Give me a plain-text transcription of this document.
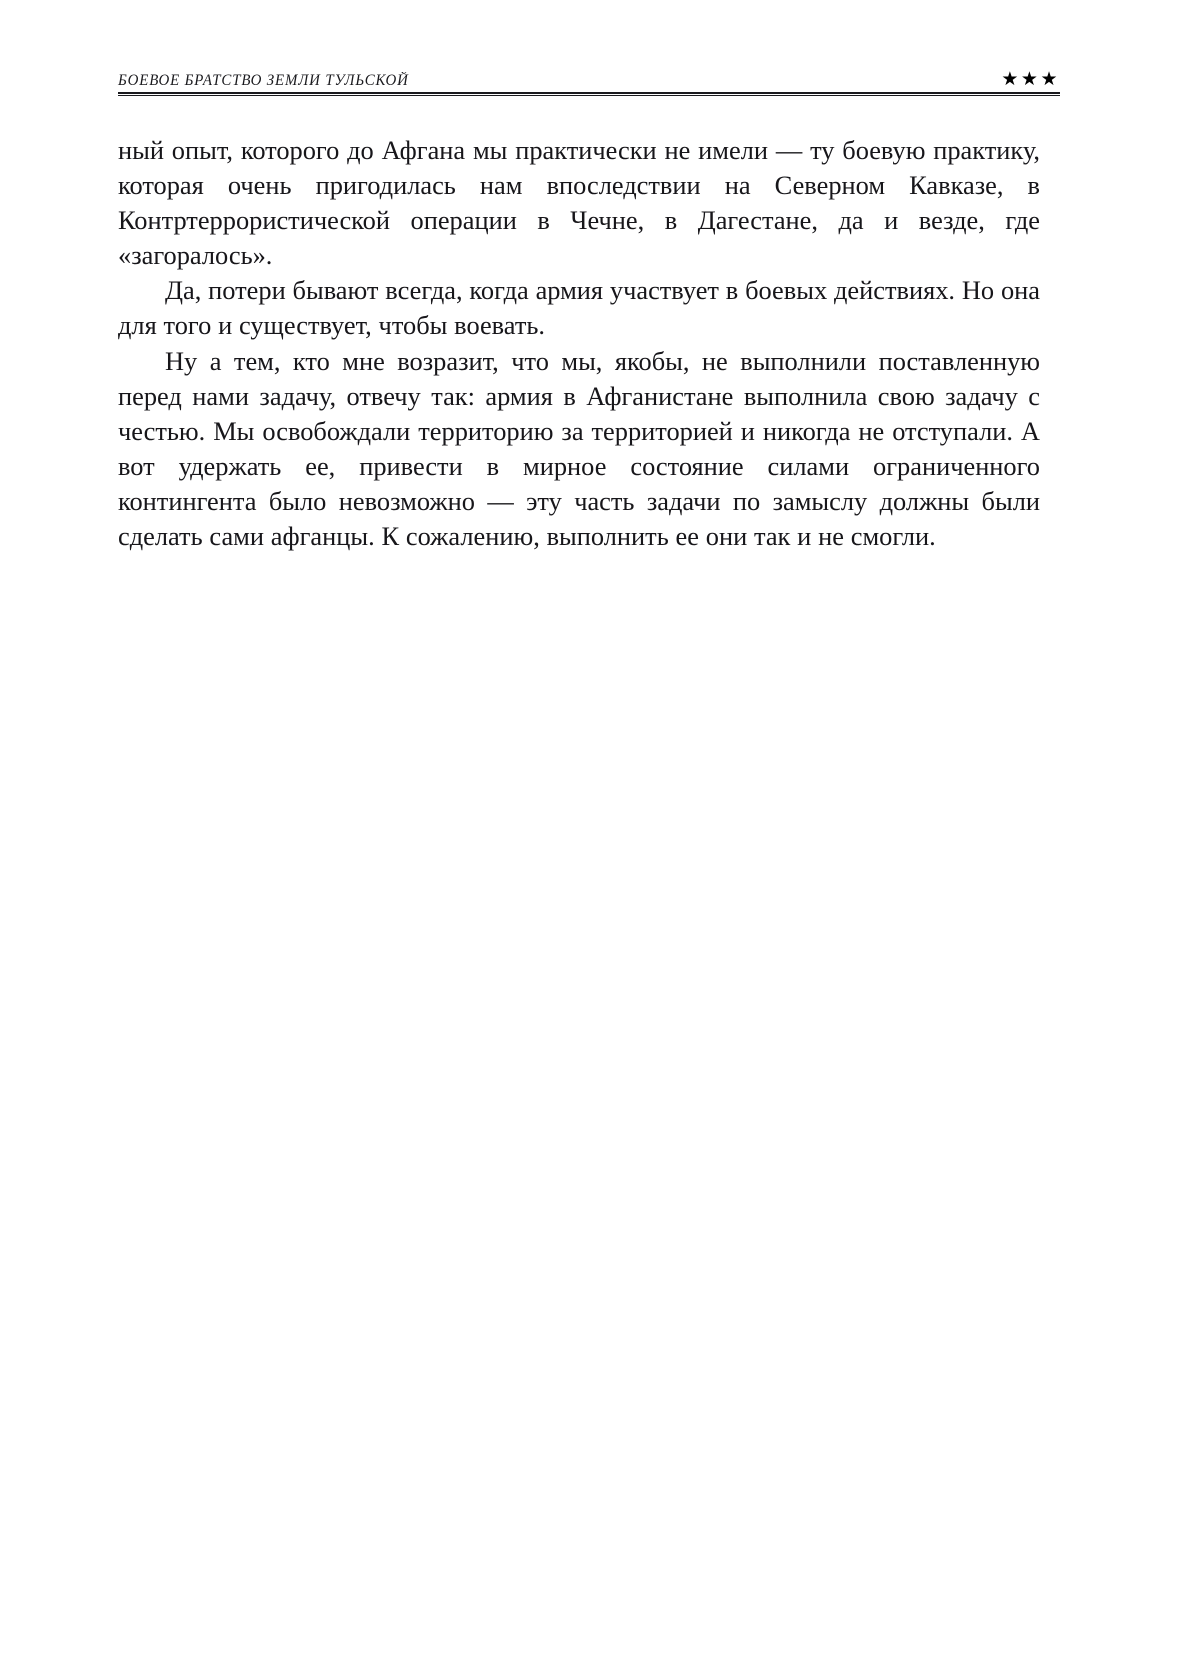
БОЕВОЕ БРАТСТВО ЗЕМЛИ ТУЛЬСКОЙ	★★★

ный опыт, которого до Афгана мы практически не имели — ту боевую практику, которая очень пригодилась нам впоследствии на Северном Кавказе, в Контртеррористической операции в Чечне, в Дагестане, да и везде, где «загоралось».

Да, потери бывают всегда, когда армия участвует в боевых действиях. Но она для того и существует, чтобы воевать.

Ну а тем, кто мне возразит, что мы, якобы, не выполнили поставленную перед нами задачу, отвечу так: армия в Афганистане выполнила свою задачу с честью. Мы освобождали территорию за территорией и никогда не отступали. А вот удержать ее, привести в мирное состояние силами ограниченного контингента было невозможно — эту часть задачи по замыслу должны были сделать сами афганцы. К сожалению, выполнить ее они так и не смогли.
